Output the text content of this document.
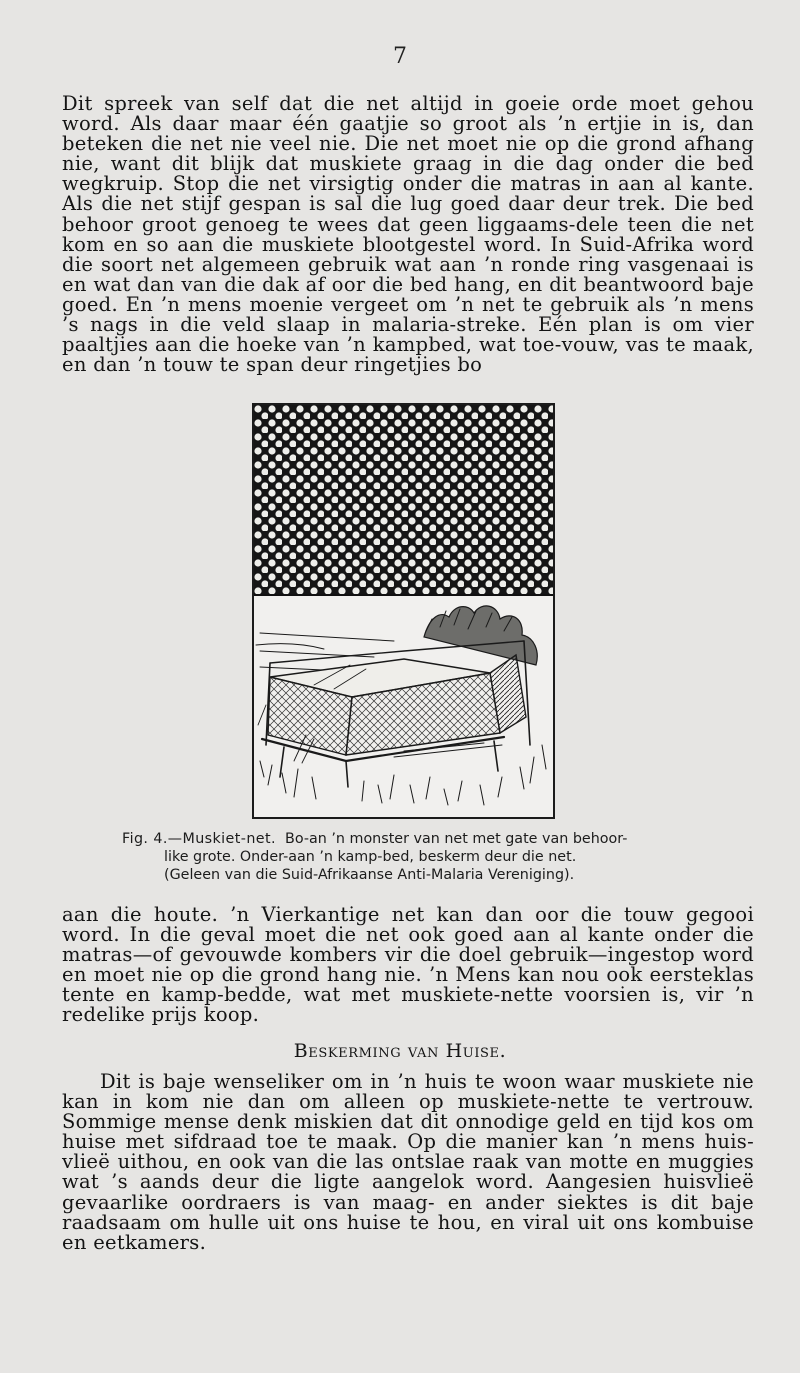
7

Dit spreek van self dat die net altijd in goeie orde moet gehou word. Als daar maar één gaatjie so groot als ’n ertjie in is, dan beteken die net nie veel nie. Die net moet nie op die grond afhang nie, want dit blijk dat muskiete graag in die dag onder die bed wegkruip. Stop die net virsigtig onder die matras in aan al kante. Als die net stijf gespan is sal die lug goed daar deur trek. Die bed behoor groot genoeg te wees dat geen liggaams-dele teen die net kom en so aan die muskiete blootgestel word. In Suid-Afrika word die soort net algemeen gebruik wat aan ’n ronde ring vasgenaai is en wat dan van die dak af oor die bed hang, en dit beantwoord baje goed. En ’n mens moenie vergeet om ’n net te gebruik als ’n mens ’s nags in die veld slaap in malaria-streke. Eén plan is om vier paaltjies aan die hoeke van ’n kampbed, wat toe-vouw, vas te maak, en dan ’n touw te span deur ringetjies bo

Fig. 4.—Muskiet-net. Bo-an ’n monster van net met gate van behoor-
like grote. Onder-aan ’n kamp-bed, beskerm deur die net.
(Geleen van die Suid-Afrikaanse Anti-Malaria Vereniging).

aan die houte. ’n Vierkantige net kan dan oor die touw gegooi word. In die geval moet die net ook goed aan al kante onder die matras—of gevouwde kombers vir die doel gebruik—ingestop word en moet nie op die grond hang nie. ’n Mens kan nou ook eersteklas tente en kamp-bedde, wat met muskiete-nette voorsien is, vir ’n redelike prijs koop.

Beskerming van Huise.

Dit is baje wenseliker om in ’n huis te woon waar muskiete nie kan in kom nie dan om alleen op muskiete-nette te vertrouw. Sommige mense denk miskien dat dit onnodige geld en tijd kos om huise met sifdraad toe te maak. Op die manier kan ’n mens huis-vlieë uithou, en ook van die las ontslae raak van motte en muggies wat ’s aands deur die ligte aangelok word. Aangesien huisvlieë gevaarlike oordraers is van maag- en ander siektes is dit baje raadsaam om hulle uit ons huise te hou, en viral uit ons kombuise en eetkamers.
